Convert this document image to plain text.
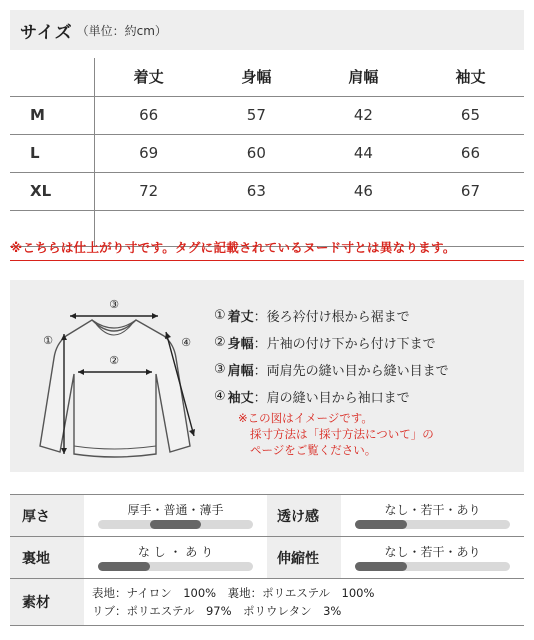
サイズ （単位：約cm）
	着丈	身幅	肩幅	袖丈
M	66	57	42	65
L	69	60	44	66
XL	72	63	46	67

※こちらは仕上がり寸です。タグに記載されているヌード寸とは異なります。
③
②
①	④
① 着丈 ：後ろ衿付け根から裾まで
② 身幅 ：片袖の付け下から付け下まで
③ 肩幅 ：両肩先の縫い目から縫い目まで
④ 袖丈 ：肩の縫い目から袖口まで
※この図はイメージです。
採寸方法は「採寸方法について」の
ページをご覧ください。
厚さ	厚手・普通・薄手	透け感	なし・若干・あり
裏地	な し ・ あ り	伸縮性	なし・若干・あり
素材
表地：ナイロン　100%　裏地：ポリエステル　100%
リブ：ポリエステル　97%　ポリウレタン　3%
